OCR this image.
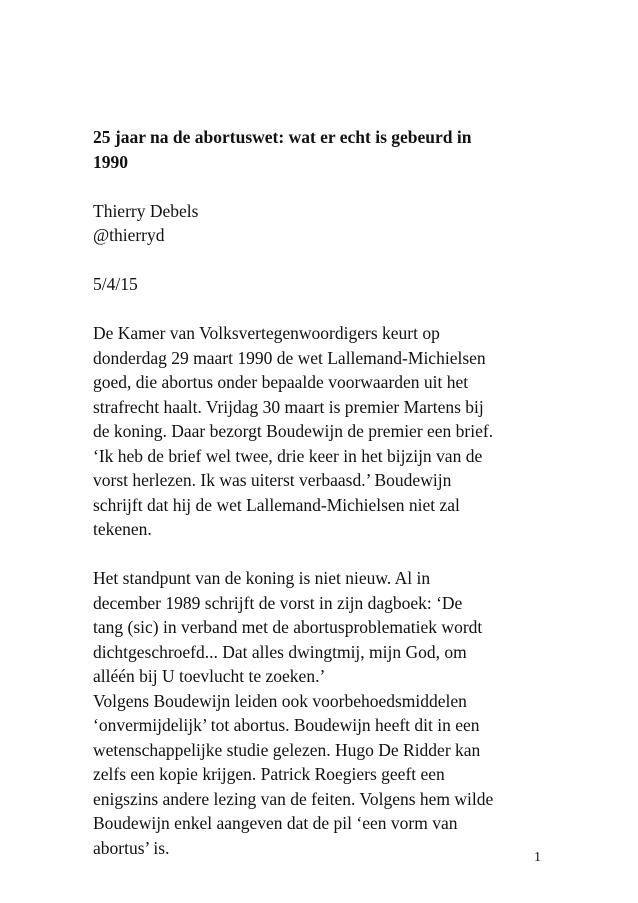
25 jaar na de abortuswet: wat er echt is gebeurd in
1990
Thierry Debels
@thierryd
5/4/15
De Kamer van Volksvertegenwoordigers keurt op
donderdag 29 maart 1990 de wet Lallemand-Michielsen
goed, die abortus onder bepaalde voorwaarden uit het
strafrecht haalt. Vrijdag 30 maart is premier Martens bij
de koning. Daar bezorgt Boudewijn de premier een brief.
‘Ik heb de brief wel twee, drie keer in het bijzijn van de
vorst herlezen. Ik was uiterst verbaasd.’ Boudewijn
schrijft dat hij de wet Lallemand-Michielsen niet zal
tekenen.
Het standpunt van de koning is niet nieuw. Al in
december 1989 schrijft de vorst in zijn dagboek: ‘De
tang (sic) in verband met de abortusproblematiek wordt
dichtgeschroefd... Dat alles dwingtmij, mijn God, om
alléén bij U toevlucht te zoeken.’
Volgens Boudewijn leiden ook voorbehoedsmiddelen
‘onvermijdelijk’ tot abortus. Boudewijn heeft dit in een
wetenschappelijke studie gelezen. Hugo De Ridder kan
zelfs een kopie krijgen. Patrick Roegiers geeft een
enigszins andere lezing van de feiten. Volgens hem wilde
Boudewijn enkel aangeven dat de pil ‘een vorm van
abortus’ is.	1
